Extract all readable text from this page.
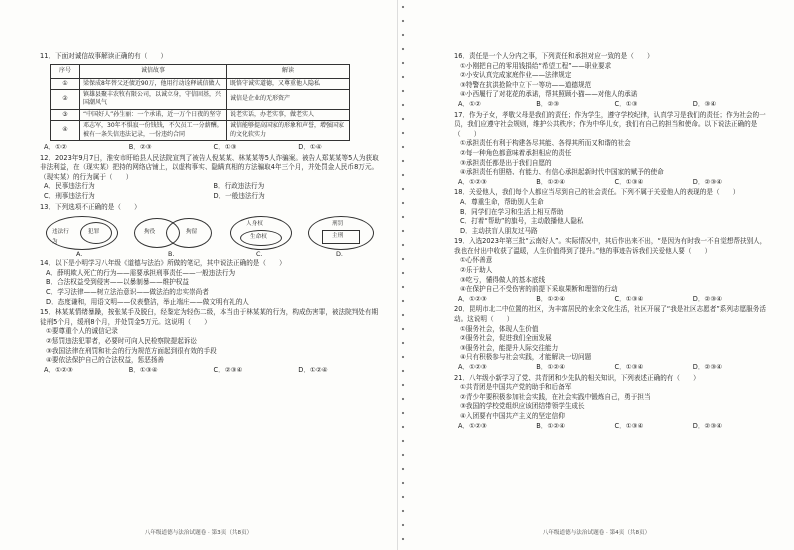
11．下面对诚信故事解读正确的有（　　）
序号	诚信故事	解读
①	梁保成8年替父还债近90万，他用行动诠释诚信做人	既恪守诚实道德，又尊重他人隐私
②	镇雄县聚丰农牧有限公司，以诚立身，守信固基，兴国潮风气	诚信是企业的无形资产
③	“中国好人”孙生丽：一个承诺，近一万个日夜的坚守	说老实话，办老实事，做老实人
④	邓志军，30年不惧寂一份钱钱，不欠员工一分薪酬。被有一条失信违法记录，一份违约合同	诚信能够提高国家的形象和声誉，增强国家的文化软实力
A．①②	B．②③	C．①③	D．①④
12．2023年9月7日，淮安市盱眙县人民法院宣判了被告人倪某某、林某某等5人诈骗案。被告人郑某某等5人为获取非法利益，在（现实某）把持的网络店铺上，以虚构事实、隐瞒真相的方法骗取4年三个月，并处罚金人民币8万元。（现实某）的行为属于（　　）
A．民事违法行为	B．行政违法行为
C．刑事违法行为	D．一般违法行为
13．下列选项不正确的是（　　）
违法行为
犯罪	拘役	拘留
人身权
生命权
刑罚
主刑
A.	B.	C.	D.
14．以下是小明学习八年级《道德与法治》所做的笔记，其中说法正确的是（　　）
A．薛明欺人死亡的行为——需要承担刑事责任——一般违法行为
B．合法权益受到侵害——以暴制暴——维护权益
C．学习法律——树立法治意识——做法治的忠实崇尚者
D．态度谦和，用语文明——仪表整洁，举止端庄——做文明有礼的人
15．林某某情绪暴躁，按张某手及脱臼，经鉴定为轻伤二级，本当由于林某某的行为，构成伤害罪，被法院判处有期徒刑5个月，缓刑8个月，并处罚金5万元。这说明（　　）
①要尊重个人的诚信记录
②惩罚违法犯罪者，必要时可向人民检察院提起诉讼
③我国法律在刑罚和社会的行为规范方面起到很有效的手段
④要依法保护自己的合法权益，惩恶扬善
A．①②③	B．①③④	C．②③④	D．①②④
八年级道德与法治试题卷 · 第3页（共8页）
16．责任是一个人分内之事，下列责任和承担对应一致的是（　　）
①小刚把自己的零用钱捐给“希望工程”——职业要求
②小安认真完成家庭作业——法律规定
③特警在抗洪抢险中立下一等功——道德规范
④小西履行了对花花的承诺，帮其照顾小猫——对他人的承诺
A．①②	B．②③	C．①③	D．③④
17．作为子女，孝敬父母是我们的责任；作为学生，遵守学校纪律，认真学习是我们的责任；作为社会的一员，我们应遵守社会规则，维护公共秩序；作为中华儿女，我们有自己的担当和使命。以下说法正确的是（　　）
①承担责任有利于构建各尽其能、各得其所而又和谐的社会
②每一种角色都意味着承担相应的责任
③承担责任都是出于我们自愿的
④承担责任有胆格、有能力、有信心承担起新时代中国家的赋予的使命
A．①②③	B．①②④	C．①③④	D．②③④
18．关爱他人，我们每个人都应当尽到自己的社会责任。下列不属于关爱他人的表现的是（　　）
A．尊重生命，帮助别人生命
B．同学们在学习和生活上相互帮助
C．打着“帮助”的旗号，主动散播他人隐私
D．主动扶盲人朋友过马路
19．入选2023年第三批“云南好人”。实际情况中，其后作出来不出，“是因为有时我一不自觉想帮扶别人，我也在付出中收获了温暖，人生价值得到了提升。”他的事迹告诉我们关爱他人要（　　）
①心怀善意
②乐于助人
③吃亏，懂得做人的基本底线
④在保护自己不受伤害的前提下采取果断和理智的行动
A．①②③	B．①②④	C．①③④	D．②③④
20．昆明市北二中位置的社区，为丰富居民的业余文化生活，社区开展了“我是社区志愿者”系列志愿服务活动。这说明（　　）
①服务社会，体现人生价值
②服务社会，促进我们全面发展
③服务社会，能提升人际交往能力
④只有积极参与社会实践，才能解决一切问题
A．①②③	B．①②④	C．①③④	D．②③④
21．八年级小新学习了党、共青团和少先队的相关知识，下列表述正确的有（　　）
①共青团是中国共产党的助手和后备军
②青少年要积极参加社会实践，在社会实践中锻炼自己，勇于担当
③我国的学校党组织应该团结带领学生成长
④入团要有中国共产主义的坚定信仰
A．①②③	B．①②④	C．①③④	D．②③④
八年级道德与法治试题卷 · 第4页（共8页）
